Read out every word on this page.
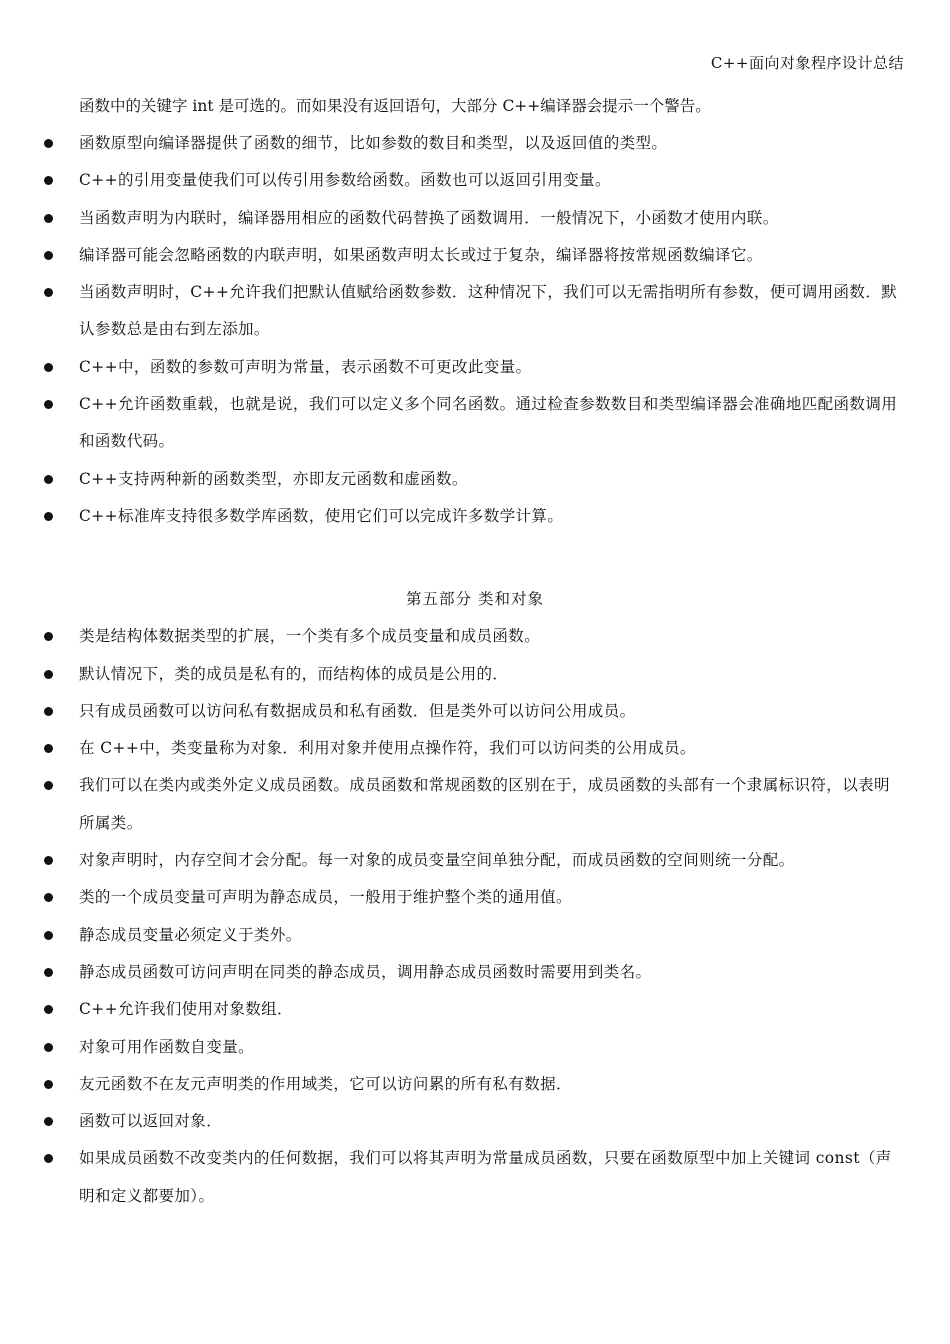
C++面向对象程序设计总结
函数中的关键字 int 是可选的。而如果没有返回语句，大部分 C++编译器会提示一个警告。
函数原型向编译器提供了函数的细节，比如参数的数目和类型，以及返回值的类型。
C++的引用变量使我们可以传引用参数给函数。函数也可以返回引用变量。
当函数声明为内联时，编译器用相应的函数代码替换了函数调用．一般情况下，小函数才使用内联。
编译器可能会忽略函数的内联声明，如果函数声明太长或过于复杂，编译器将按常规函数编译它。
当函数声明时，C++允许我们把默认值赋给函数参数．这种情况下，我们可以无需指明所有参数，便可调用函数．默认参数总是由右到左添加。
C++中，函数的参数可声明为常量，表示函数不可更改此变量。
C++允许函数重载，也就是说，我们可以定义多个同名函数。通过检查参数数目和类型编译器会准确地匹配函数调用和函数代码。
C++支持两种新的函数类型，亦即友元函数和虚函数。
C++标准库支持很多数学库函数，使用它们可以完成许多数学计算。
第五部分 类和对象
类是结构体数据类型的扩展，一个类有多个成员变量和成员函数。
默认情况下，类的成员是私有的，而结构体的成员是公用的．
只有成员函数可以访问私有数据成员和私有函数．但是类外可以访问公用成员。
在 C++中，类变量称为对象．利用对象并使用点操作符，我们可以访问类的公用成员。
我们可以在类内或类外定义成员函数。成员函数和常规函数的区别在于，成员函数的头部有一个隶属标识符，以表明所属类。
对象声明时，内存空间才会分配。每一对象的成员变量空间单独分配，而成员函数的空间则统一分配。
类的一个成员变量可声明为静态成员，一般用于维护整个类的通用值。
静态成员变量必须定义于类外。
静态成员函数可访问声明在同类的静态成员，调用静态成员函数时需要用到类名。
C++允许我们使用对象数组．
对象可用作函数自变量。
友元函数不在友元声明类的作用域类，它可以访问累的所有私有数据．
函数可以返回对象．
如果成员函数不改变类内的任何数据，我们可以将其声明为常量成员函数，只要在函数原型中加上关键词 const（声明和定义都要加）。
